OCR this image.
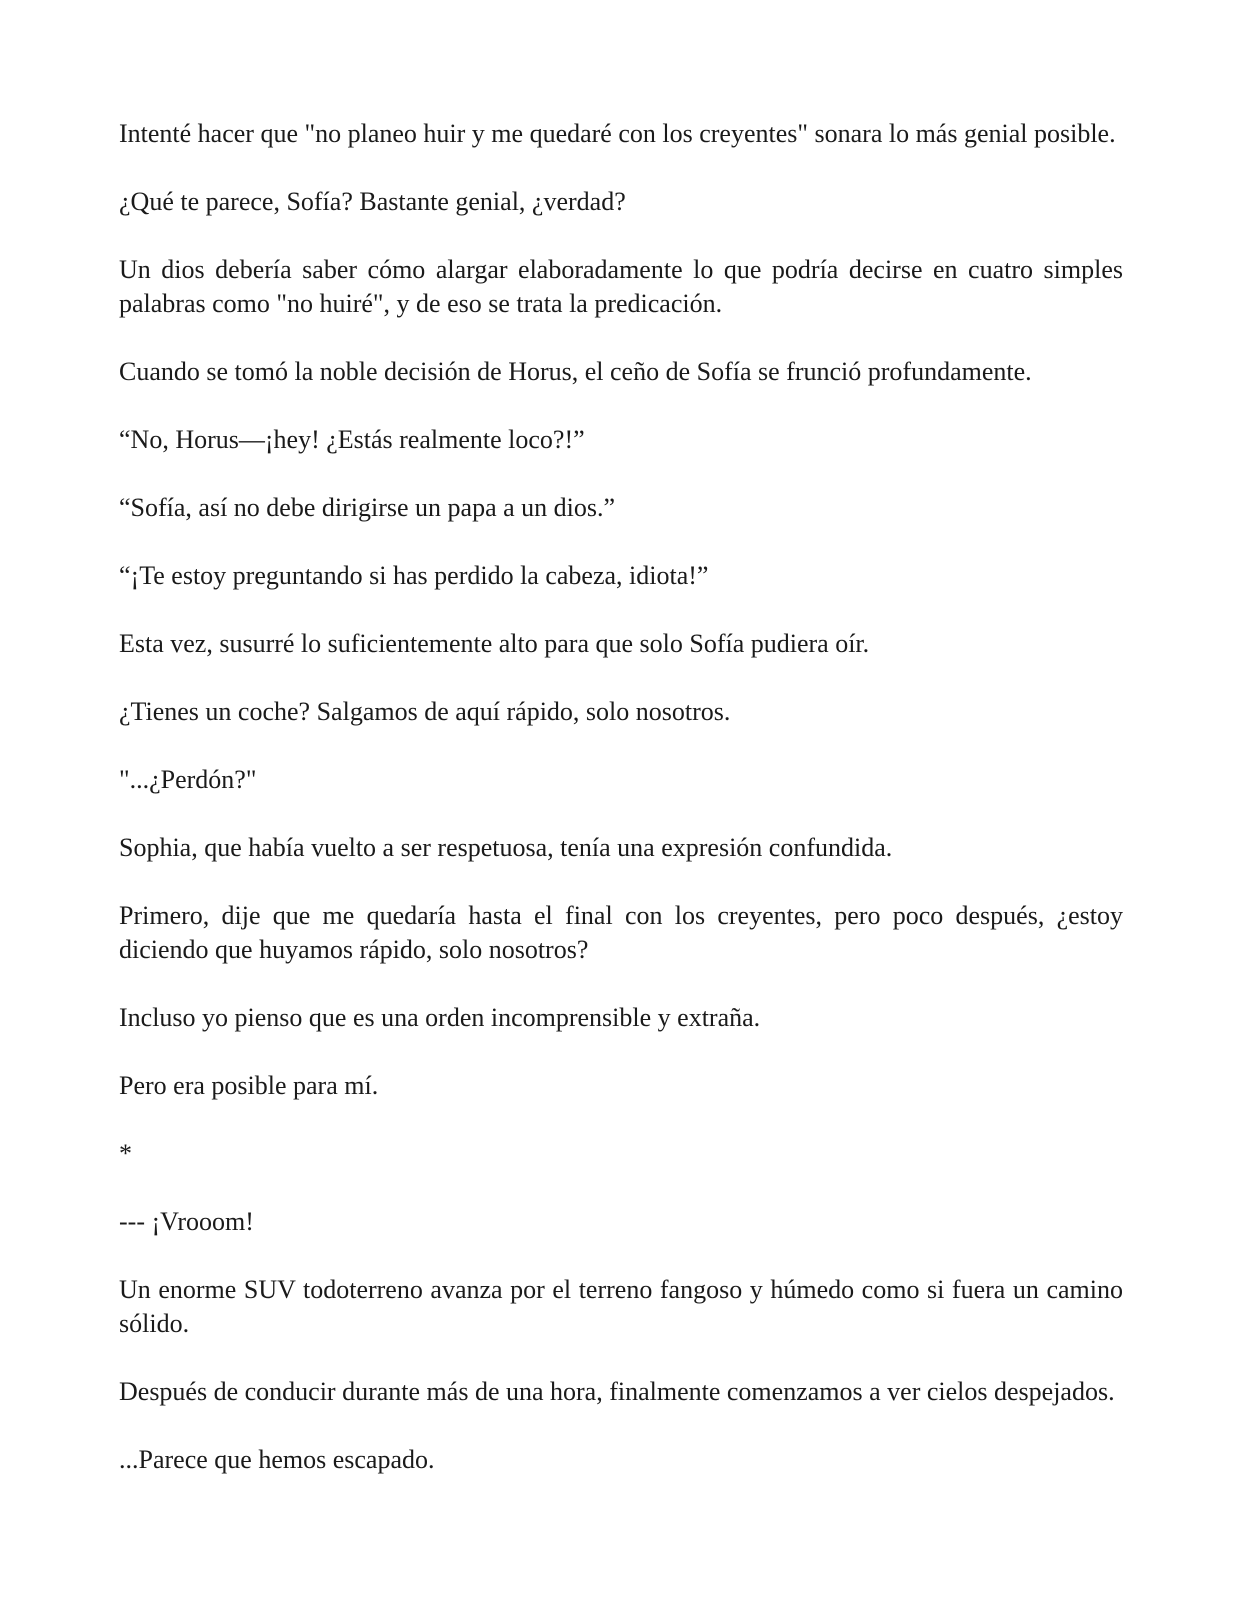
Intenté hacer que "no planeo huir y me quedaré con los creyentes" sonara lo más genial posible.

¿Qué te parece, Sofía? Bastante genial, ¿verdad?

Un dios debería saber cómo alargar elaboradamente lo que podría decirse en cuatro simples palabras como "no huiré", y de eso se trata la predicación.

Cuando se tomó la noble decisión de Horus, el ceño de Sofía se frunció profundamente.

“No, Horus—¡hey! ¿Estás realmente loco?!”

“Sofía, así no debe dirigirse un papa a un dios.”

“¡Te estoy preguntando si has perdido la cabeza, idiota!”

Esta vez, susurré lo suficientemente alto para que solo Sofía pudiera oír.

¿Tienes un coche? Salgamos de aquí rápido, solo nosotros.

"...¿Perdón?"

Sophia, que había vuelto a ser respetuosa, tenía una expresión confundida.

Primero, dije que me quedaría hasta el final con los creyentes, pero poco después, ¿estoy diciendo que huyamos rápido, solo nosotros?

Incluso yo pienso que es una orden incomprensible y extraña.

Pero era posible para mí.

*

--- ¡Vrooom!

Un enorme SUV todoterreno avanza por el terreno fangoso y húmedo como si fuera un camino sólido.

Después de conducir durante más de una hora, finalmente comenzamos a ver cielos despejados.

...Parece que hemos escapado.
